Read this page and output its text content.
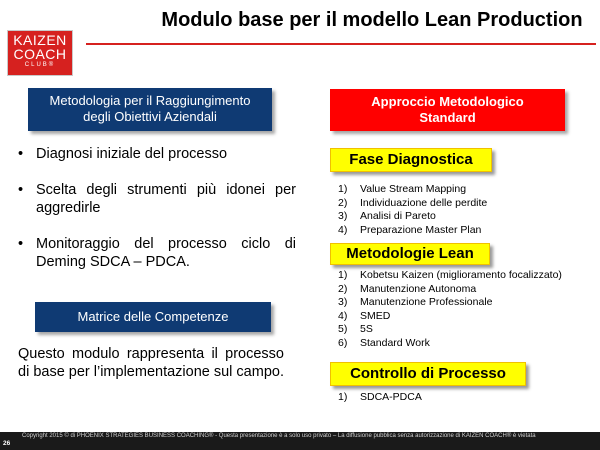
KAIZEN
COACH
CLUB®
Modulo base per il modello Lean Production
Metodologia per il Raggiungimento
degli Obiettivi Aziendali
• Diagnosi iniziale del processo
• Scelta degli strumenti più idonei per aggredirle
• Monitoraggio del processo ciclo di Deming SDCA – PDCA.
Matrice delle Competenze
Questo modulo rappresenta il processo di base per l’implementazione sul campo.
Approccio Metodologico
Standard
Fase Diagnostica
1) Value Stream Mapping
2) Individuazione delle perdite
3) Analisi di Pareto
4) Preparazione Master Plan
Metodologie Lean
1) Kobetsu Kaizen (miglioramento focalizzato)
2) Manutenzione Autonoma
3) Manutenzione Professionale
4) SMED
5) 5S
6) Standard Work
Controllo di Processo
1) SDCA-PDCA
Copyright 2015 © di PHOENIX STRATEGIES BUSINESS COACHING® - Questa presentazione è a solo uso privato – La diffusione pubblica senza autorizzazione di KAIZEN COACH® è vietata
26
